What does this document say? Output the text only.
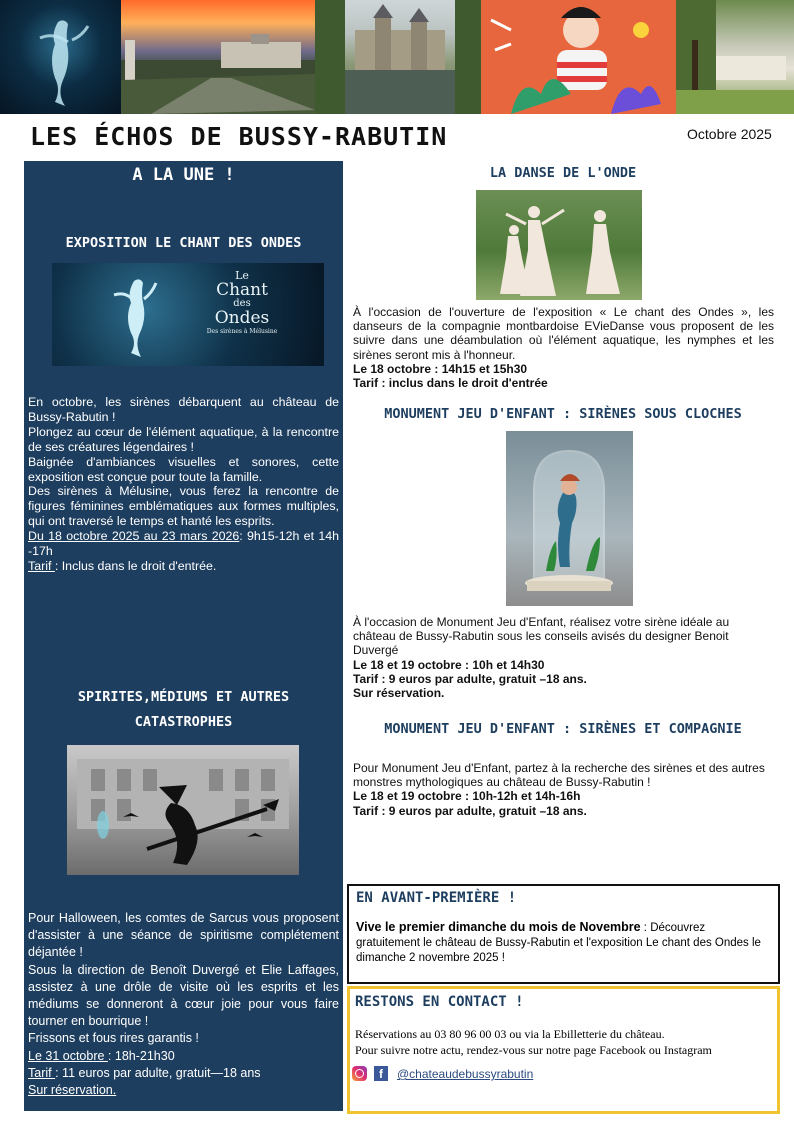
LES ÉCHOS DE BUSSY-RABUTIN	Octobre 2025
A LA UNE !
EXPOSITION LE CHANT DES ONDES
Le
Chant
des
Ondes
Des sirènes à Mélusine
En octobre, les sirènes débarquent au château de Bussy-Rabutin !
Plongez au cœur de l'élément aquatique, à la rencontre de ses créatures légendaires !
Baignée d'ambiances visuelles et sonores, cette exposition est conçue pour toute la famille.
Des sirènes à Mélusine, vous ferez la rencontre de figures féminines emblématiques aux formes multiples, qui ont traversé le temps et hanté les esprits.
Du 18 octobre 2025 au 23 mars 2026: 9h15-12h et 14h -17h
Tarif : Inclus dans le droit d'entrée.
SPIRITES,MÉDIUMS ET AUTRES
CATASTROPHES
Pour Halloween, les comtes de Sarcus vous proposent d'assister à une séance de spiritisme complétement déjantée !
Sous la direction de Benoît Duvergé et Elie Laffages, assistez à une drôle de visite où les esprits et les médiums se donneront à cœur joie pour vous faire tourner en bourrique !
Frissons et fous rires garantis !
Le 31 octobre : 18h-21h30
Tarif : 11 euros par adulte, gratuit—18 ans
Sur réservation.
LA DANSE DE L'ONDE
À l'occasion de l'ouverture de l'exposition « Le chant des Ondes », les danseurs de la compagnie montbardoise EVieDanse vous proposent de les suivre dans une déambulation où l'élément aquatique, les nymphes et les sirènes seront mis à l'honneur.
Le 18 octobre : 14h15 et 15h30
Tarif : inclus dans le droit d'entrée
MONUMENT JEU D'ENFANT : SIRÈNES SOUS CLOCHES
À l'occasion de Monument Jeu d'Enfant, réalisez votre sirène idéale au château de Bussy-Rabutin sous les conseils avisés du designer Benoit Duvergé
Le 18 et 19 octobre : 10h et 14h30
Tarif : 9 euros par adulte, gratuit –18 ans.
Sur réservation.
MONUMENT JEU D'ENFANT : SIRÈNES ET COMPAGNIE
Pour Monument Jeu d'Enfant, partez à la recherche des sirènes et des autres monstres mythologiques au château de Bussy-Rabutin !
Le 18 et 19 octobre : 10h-12h et 14h-16h
Tarif : 9 euros par adulte, gratuit –18 ans.
EN AVANT-PREMIÈRE !
Vive le premier dimanche du mois de Novembre : Découvrez gratuitement le château de Bussy-Rabutin et l'exposition Le chant des Ondes le dimanche 2 novembre 2025 !
RESTONS EN CONTACT !
Réservations au 03 80 96 00 03 ou via la Ebilletterie du château.
Pour suivre notre actu, rendez-vous sur notre page Facebook ou Instagram
f	@chateaudebussyrabutin
